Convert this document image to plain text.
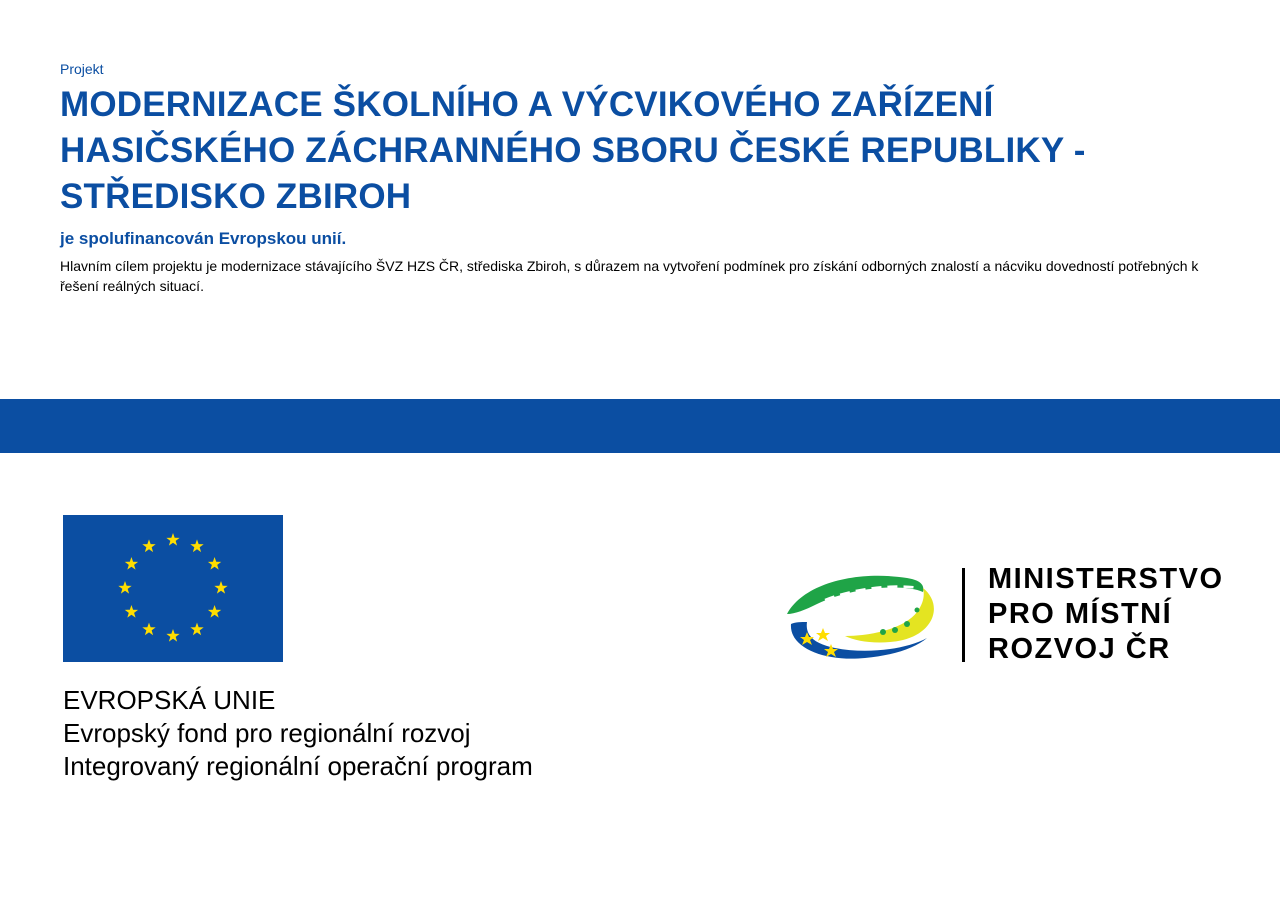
Projekt

MODERNIZACE ŠKOLNÍHO A VÝCVIKOVÉHO ZAŘÍZENÍ
HASIČSKÉHO ZÁCHRANNÉHO SBORU ČESKÉ REPUBLIKY -
STŘEDISKO ZBIROH

je spolufinancován Evropskou unií.

Hlavním cílem projektu je modernizace stávajícího ŠVZ HZS ČR, střediska Zbiroh, s důrazem na vytvoření podmínek pro získání odborných znalostí a nácviku dovedností potřebných k řešení reálných situací.

EVROPSKÁ UNIE
Evropský fond pro regionální rozvoj
Integrovaný regionální operační program
MINISTERSTVO
PRO MÍSTNÍ
ROZVOJ ČR
